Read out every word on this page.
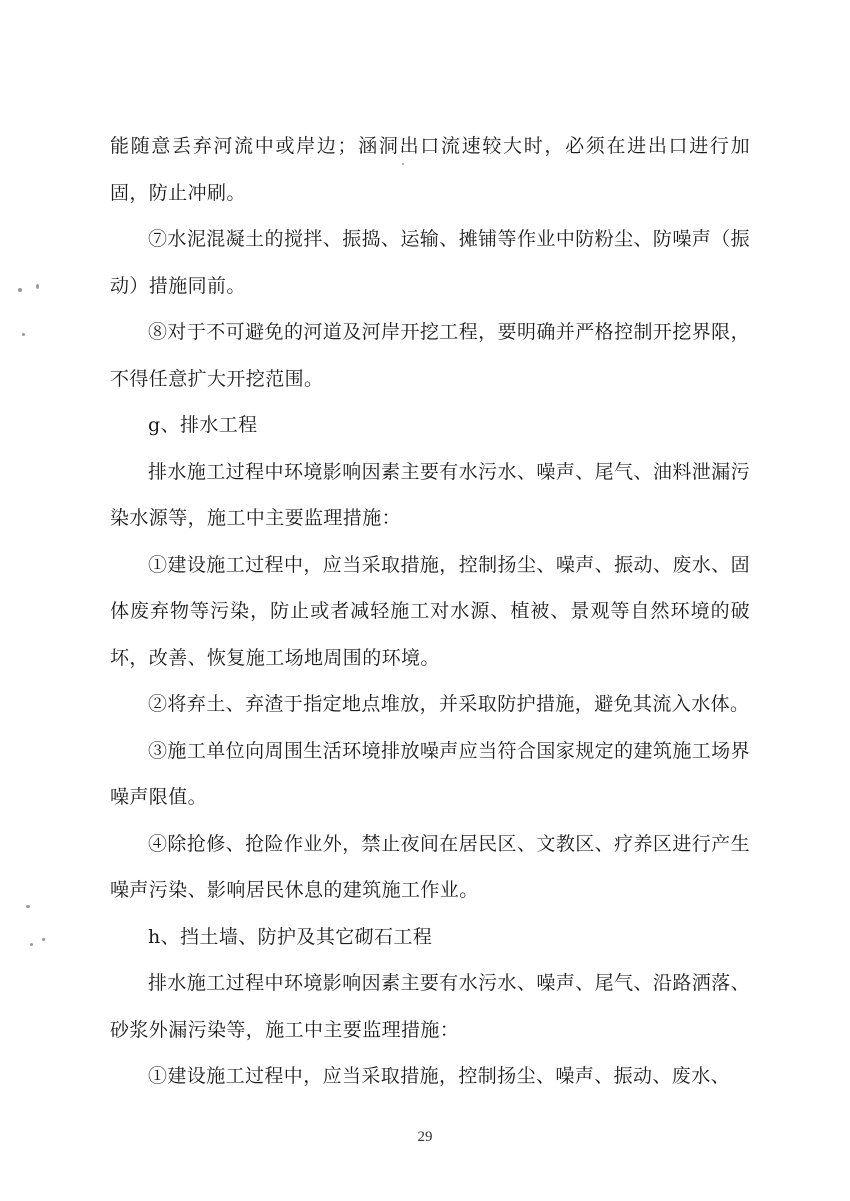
能随意丢弃河流中或岸边；涵洞出口流速较大时，必须在进出口进行加固，防止冲刷。

⑦水泥混凝土的搅拌、振捣、运输、摊铺等作业中防粉尘、防噪声（振动）措施同前。

⑧对于不可避免的河道及河岸开挖工程，要明确并严格控制开挖界限，不得任意扩大开挖范围。

g、排水工程

排水施工过程中环境影响因素主要有水污水、噪声、尾气、油料泄漏污染水源等，施工中主要监理措施：

①建设施工过程中，应当采取措施，控制扬尘、噪声、振动、废水、固体废弃物等污染，防止或者减轻施工对水源、植被、景观等自然环境的破坏，改善、恢复施工场地周围的环境。

②将弃土、弃渣于指定地点堆放，并采取防护措施，避免其流入水体。

③施工单位向周围生活环境排放噪声应当符合国家规定的建筑施工场界噪声限值。

④除抢修、抢险作业外，禁止夜间在居民区、文教区、疗养区进行产生噪声污染、影响居民休息的建筑施工作业。

h、挡土墙、防护及其它砌石工程

排水施工过程中环境影响因素主要有水污水、噪声、尾气、沿路洒落、砂浆外漏污染等，施工中主要监理措施：

①建设施工过程中，应当采取措施，控制扬尘、噪声、振动、废水、

29
